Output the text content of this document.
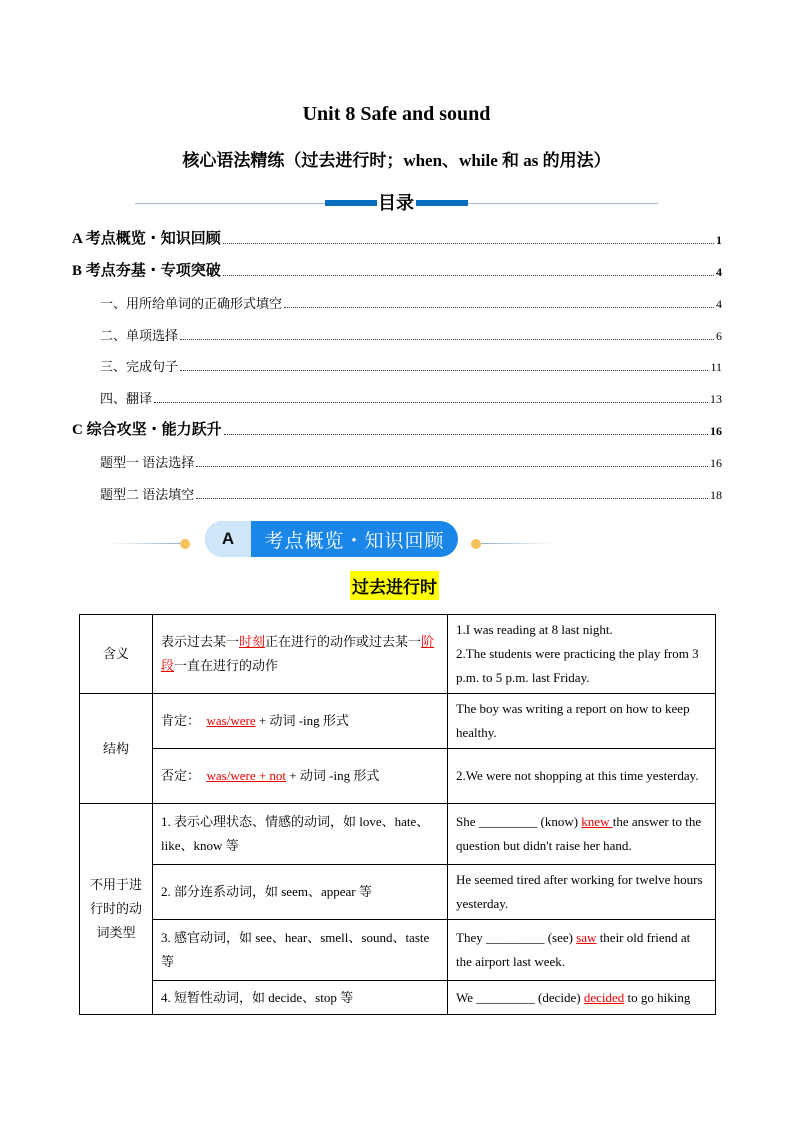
Unit 8 Safe and sound
核心语法精练（过去进行时；when、while 和 as 的用法）
目录
A 考点概览・知识回顾	1
B 考点夯基・专项突破	4
一、用所给单词的正确形式填空	4
二、单项选择	6
三、完成句子	11
四、翻译	13
C 综合攻坚・能力跃升	16
题型一 语法选择	16
题型二 语法填空	18
A	考点概览・知识回顾
过去进行时
含义	表示过去某一时刻正在进行的动作或过去某一阶段一直在进行的动作	1.I was reading at 8 last night.
2.The students were practicing the play from 3 p.m. to 5 p.m. last Friday.

结构	肯定： was/were + 动词 -ing 形式	The boy was writing a report on how to keep healthy.
	否定： was/were + not + 动词 -ing 形式	2.We were not shopping at this time yesterday.
不用于进行时的动词类型	1. 表示心理状态、情感的动词，如 love、hate、like、know 等	She _________ (know) knew the answer to the question but didn't raise her hand.
	2. 部分连系动词，如 seem、appear 等	He seemed tired after working for twelve hours yesterday.
	3. 感官动词，如 see、hear、smell、sound、taste 等	They _________ (see) saw their old friend at the airport last week.
	4. 短暂性动词，如 decide、stop 等	We _________ (decide) decided to go hiking
